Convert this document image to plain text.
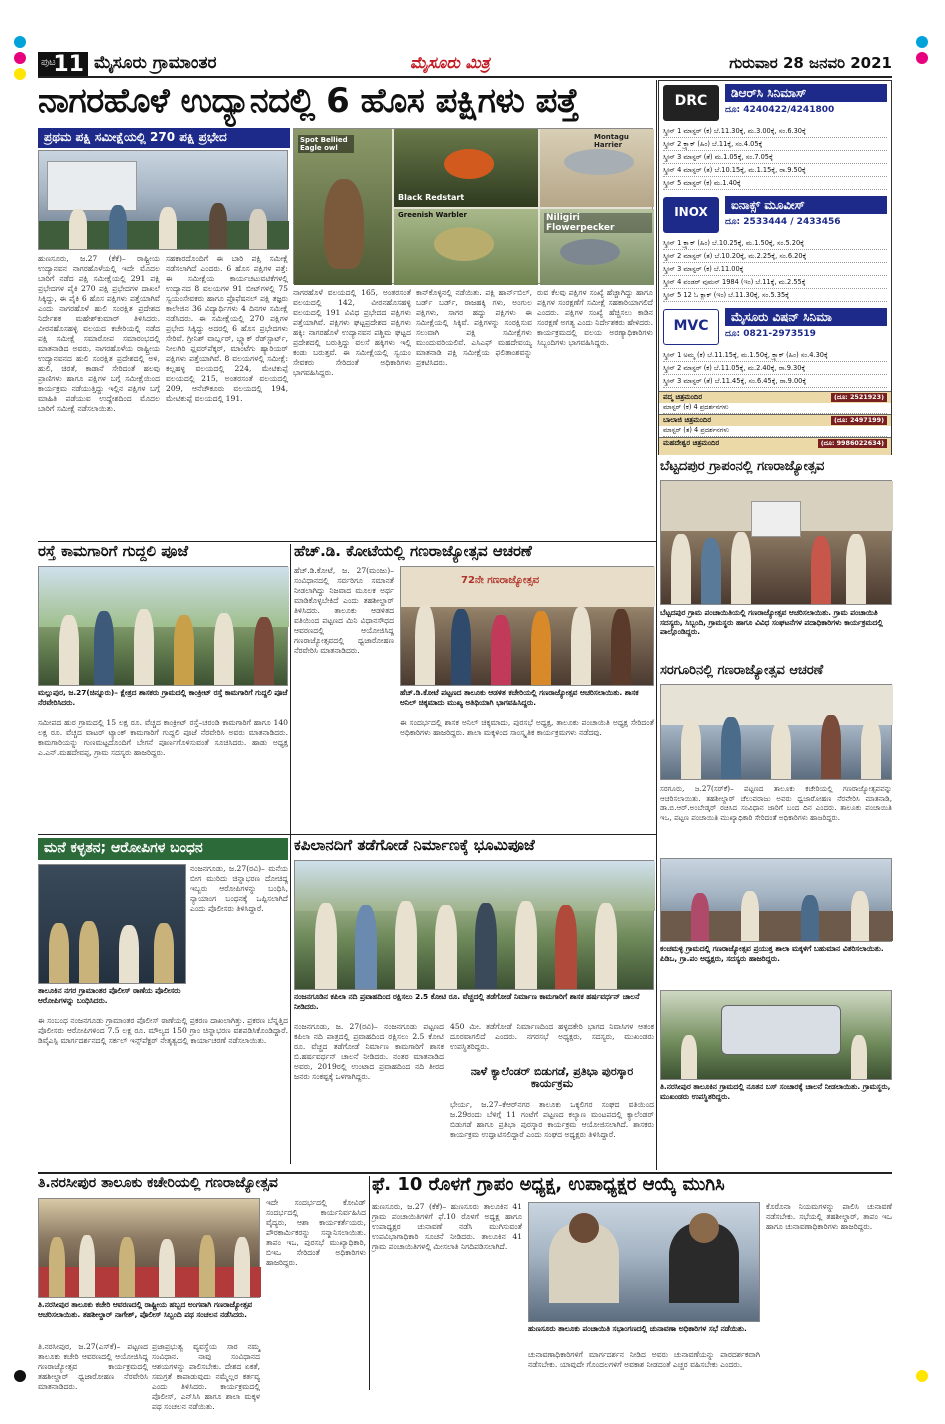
ಪುಟ
11 ಮೈಸೂರು ಗ್ರಾಮಾಂತರ	ಮೈಸೂರು ಮಿತ್ರ	ಗುರುವಾರ 28 ಜನವರಿ 2021
ನಾಗರಹೊಳೆ ಉದ್ಯಾನದಲ್ಲಿ 6 ಹೊಸ ಪಕ್ಷಿಗಳು ಪತ್ತೆ
ಪ್ರಥಮ ಪಕ್ಷಿ ಸಮೀಕ್ಷೆಯಲ್ಲಿ 270 ಪಕ್ಷಿ ಪ್ರಭೇದ	Spot Bellied Eagle owl
Black Redstart
Montagu Harrier
Greenish Warbler	Niligiri Flowerpecker
ಹುಣಸೂರು, ಜ.27 (ಕೆಕೆ)– ರಾಷ್ಟ್ರೀಯ ಉದ್ಯಾನವನ ನಾಗರಹೊಳೆಯಲ್ಲಿ ಇದೇ ಮೊದಲ ಬಾರಿಗೆ ನಡೆದ ಪಕ್ಷಿ ಸಮೀಕ್ಷೆಯಲ್ಲಿ 291 ಪಕ್ಷಿ ಪ್ರಭೇದಗಳ ಪೈಕಿ 270 ಪಕ್ಷಿ ಪ್ರಭೇದಗಳ ದಾಖಲೆ ಸಿಕ್ಕಿದ್ದು, ಈ ಪೈಕಿ 6 ಹೊಸ ಪಕ್ಷಿಗಳು ಪತ್ತೆಯಾಗಿವೆ ಎಂದು ನಾಗರಹೊಳೆ ಹುಲಿ ಸಂರಕ್ಷಿತ ಪ್ರದೇಶದ ನಿರ್ದೇಶಕ ಮಹೇಶ್‌ಕುಮಾರ್ ತಿಳಿಸಿದರು. ವೀರನಹೊಸಹಳ್ಳಿ ವಲಯದ ಕಚೇರಿಯಲ್ಲಿ ನಡೆದ ಪಕ್ಷಿ ಸಮೀಕ್ಷೆ ಸಮಾರೋಪ ಸಮಾರಂಭದಲ್ಲಿ ಮಾತನಾಡಿದ ಅವರು, ನಾಗರಹೊಳೆಯ ರಾಷ್ಟ್ರೀಯ ಉದ್ಯಾನವನದ ಹುಲಿ ಸಂರಕ್ಷಿತ ಪ್ರದೇಶದಲ್ಲಿ ಅಳಿ, ಹುಲಿ, ಚಿರತೆ, ಕಾಡಾನೆ ಸೇರಿದಂತೆ ಹಲವು ಪ್ರಾಣಿಗಳು ಹಾಗೂ ಪಕ್ಷಿಗಳ ಬಗ್ಗೆ ಸಮೀಕ್ಷೆಯಿಂದ ಕಾರ್ಯಕ್ರಮ ನಡೆಯುತ್ತಿದ್ದು ಇಲ್ಲಿನ ಪಕ್ಷಿಗಳ ಬಗ್ಗೆ ಮಾಹಿತಿ ಪಡೆಯುವ ಉದ್ದೇಶದಿಂದ ಮೊದಲ ಬಾರಿಗೆ ಸಮೀಕ್ಷೆ ನಡೆಸಲಾಯಿತು.
ಸಹಕಾರದೊಂದಿಗೆ ಈ ಬಾರಿ ಪಕ್ಷಿ ಸಮೀಕ್ಷೆ ನಡೆಸಲಾಗಿದೆ ಎಂದರು. 6 ಹೊಸ ಪಕ್ಷಿಗಳ ಪತ್ತೆ: ಈ ಸಮೀಕ್ಷೆಯ ಕಾರ್ಯಚಟುವಟಿಕೆಗಳಲ್ಲಿ ಉದ್ಯಾನದ 8 ವಲಯಗಳ 91 ಬೀಟ್‌ಗಳಲ್ಲಿ 75 ಸ್ವಯಂಸೇವಕರು ಹಾಗೂ ಪ್ರೊಫೆಷನಲ್ ಪಕ್ಷಿ ತಜ್ಞರು ಕಾಲೇಜಿನ 36 ವಿದ್ಯಾರ್ಥಿಗಳು 4 ದಿನಗಳ ಸಮೀಕ್ಷೆ ನಡೆಸಿದರು. ಈ ಸಮೀಕ್ಷೆಯಲ್ಲಿ 270 ಪಕ್ಷಿಗಳ ಪ್ರಭೇದ ಸಿಕ್ಕಿದ್ದು ಅದರಲ್ಲಿ 6 ಹೊಸ ಪ್ರಭೇದಗಳು ಸೇರಿವೆ. ಗ್ರೀನಿಶ್ ವಾರ್ಬ್ಲರ್, ಬ್ಲ್ಯಾಕ್ ರೆಡ್‌ಸ್ಟಾರ್ಟ್, ನೀಲಗಿರಿ ಫ್ಲವರ್‌ಪೆಕ್ಕರ್, ಮಾಂಟೆಗು ಹ್ಯಾರಿಯರ್ ಪಕ್ಷಿಗಳು ಪತ್ತೆಯಾಗಿವೆ. 8 ವಲಯಗಳಲ್ಲಿ ಸಮೀಕ್ಷೆ: ಕಲ್ಲಹಳ್ಳ ವಲಯದಲ್ಲಿ 224, ಮೇಟಿಕುಪ್ಪೆ ವಲಯದಲ್ಲಿ 215, ಅಂತರಸಂತೆ ವಲಯದಲ್ಲಿ 209, ಆನೆಚೌಕೂರು ವಲಯದಲ್ಲಿ 194, ಮೇಟಿಕುಪ್ಪೆ ವಲಯದಲ್ಲಿ 191.
ನಾಗರಹೊಳೆ ವಲಯದಲ್ಲಿ 165, ಅಂತರಸಂತೆ ವಲಯದಲ್ಲಿ 142, ವೀರನಹೊಸಹಳ್ಳಿ ವಲಯದಲ್ಲಿ 191 ವಿವಿಧ ಪ್ರಭೇದದ ಪಕ್ಷಿಗಳು ಪತ್ತೆಯಾಗಿವೆ. ಪಕ್ಷಿಗಳು ಘಟ್ಟಪ್ರದೇಶದ ಪಕ್ಷಿಗಳು ಹಕ್ಕಿ: ನಾಗರಹೊಳೆ ಉದ್ಯಾನವನ ಪಶ್ಚಿಮ ಘಟ್ಟದ ಪ್ರದೇಶದಲ್ಲಿ ಬರುತ್ತಿದ್ದು ವಲಸೆ ಹಕ್ಕಿಗಳು ಇಲ್ಲಿ ಕಂಡು ಬರುತ್ತವೆ. ಈ ಸಮೀಕ್ಷೆಯಲ್ಲಿ ಸ್ವಯಂ ಸೇವಕರು ಸೇರಿದಂತೆ ಅಧಿಕಾರಿಗಳು ಭಾಗವಹಿಸಿದ್ದರು.
ಕಾನ್‌ಕೊಳ್ಳಿನಲ್ಲಿ ನಡೆಯಿತು. ಪಕ್ಷಿ ಹಾರ್ನ್‌ಬಿಲ್, ಬರ್ಡ್ ಬರ್ಡ್, ರಾಜಹಕ್ಕಿ ಗಳು, ಅಂಗುಲ ಪಕ್ಷಿಗಳು, ಸಾಗರ ಹದ್ದು ಪಕ್ಷಿಗಳು ಈ ಸಮೀಕ್ಷೆಯಲ್ಲಿ ಸಿಕ್ಕಿವೆ. ಪಕ್ಷಿಗಳನ್ನು ಸಂರಕ್ಷಿಸುವ ಸಲುವಾಗಿ ಪಕ್ಷಿ ಸಮೀಕ್ಷೆಗಳು ಮುಂದುವರಿಯಲಿವೆ. ಎಸಿಎಫ್ ಮಹದೇವಯ್ಯ ಮಾತನಾಡಿ ಪಕ್ಷಿ ಸಮೀಕ್ಷೆಯ ಫಲಿತಾಂಶವನ್ನು ಪ್ರಕಟಿಸಿದರು.
ರುವ ಕೆಲವು ಪಕ್ಷಿಗಳ ಸಂಖ್ಯೆ ಹೆಚ್ಚಾಗಿದ್ದು ಹಾಗೂ ಪಕ್ಷಿಗಳ ಸಂರಕ್ಷಣೆಗೆ ಸಮೀಕ್ಷೆ ಸಹಕಾರಿಯಾಗಲಿದೆ ಎಂದರು. ಪಕ್ಷಿಗಳ ಸಂಖ್ಯೆ ಹೆಚ್ಚಿಸಲು ಕಾಡಿನ ಸಂರಕ್ಷಣೆ ಅಗತ್ಯ ಎಂದು ನಿರ್ದೇಶಕರು ಹೇಳಿದರು. ಕಾರ್ಯಕ್ರಮದಲ್ಲಿ ವಲಯ ಅರಣ್ಯಾಧಿಕಾರಿಗಳು ಸಿಬ್ಬಂದಿಗಳು ಭಾಗವಹಿಸಿದ್ದರು.
DRC	ಡಿಆರ್‌ಸಿ ಸಿನಿಮಾಸ್
ದೂ: 4240422/4241800
ಸ್ಕ್ರೀನ್ 1 ಮಾಸ್ಟರ್ (ಕ) ಬೆ.11.30ಕ್ಕೆ, ಮ.3.00ಕ್ಕೆ, ಸಂ.6.30ಕ್ಕೆ
ಸ್ಕ್ರೀನ್ 2 ಕ್ರ್ಯಾಕ್ (ಹಿಂ) ಬೆ.11ಕ್ಕೆ, ಸಂ.4.05ಕ್ಕೆ
ಸ್ಕ್ರೀನ್ 3 ಮಾಸ್ಟರ್ (ತೆ) ಮ.1.05ಕ್ಕೆ, ಸಂ.7.05ಕ್ಕೆ
ಸ್ಕ್ರೀನ್ 4 ಮಾಸ್ಟರ್ (ತ) ಬೆ.10.15ಕ್ಕೆ, ಮ.1.15ಕ್ಕೆ, ರಾ.9.50ಕ್ಕೆ
ಸ್ಕ್ರೀನ್ 5 ಮಾಸ್ಟರ್ (ಕ) ಮ.1.40ಕ್ಕೆ
INOX	ಐನಾಕ್ಸ್ ಮೂವೀಸ್
ದೂ: 2533444 / 2433456
ಸ್ಕ್ರೀನ್ 1 ಕ್ರ್ಯಾಕ್ (ಹಿಂ) ಬೆ.10.25ಕ್ಕೆ, ಮ.1.50ಕ್ಕೆ, ಸಂ.5.20ಕ್ಕೆ
ಸ್ಕ್ರೀನ್ 2 ಮಾಸ್ಟರ್ (ತ) ಬೆ.10.20ಕ್ಕೆ, ಮ.2.25ಕ್ಕೆ, ಸಂ.6.20ಕ್ಕೆ
ಸ್ಕ್ರೀನ್ 3 ಮಾಸ್ಟರ್ (ಕ) ಬೆ.11.00ಕ್ಕೆ
ಸ್ಕ್ರೀನ್ 4 ವಂಡರ್ ವುಮನ್ 1984 (ಇಂ) ಬೆ.11ಕ್ಕೆ, ಮ.2.55ಕ್ಕೆ
ಸ್ಕ್ರೀನ್ 5 12 ಓ ಕ್ಲಾಕ್ (ಇಂ) ಬೆ.11.30ಕ್ಕೆ, ಸಂ.5.35ಕ್ಕೆ
MVC
ಮೈಸೂರು ವಿಷನ್ ಸಿನಿಮಾ
ದೂ: 0821-2973519
ಸ್ಕ್ರೀನ್ 1 ಅಮ್ಮ (ಕ) ಬೆ.11.15ಕ್ಕೆ, ಮ.1.50ಕ್ಕೆ, ಕ್ರ್ಯಾಕ್ (ಹಿಂ) ಸಂ.4.30ಕ್ಕೆ
ಸ್ಕ್ರೀನ್ 2 ಮಾಸ್ಟರ್ (ಕ) ಬೆ.11.05ಕ್ಕೆ, ಮ.2.40ಕ್ಕೆ, ರಾ.9.30ಕ್ಕೆ
ಸ್ಕ್ರೀನ್ 3 ಮಾಸ್ಟರ್ (ತೆ) ಬೆ.11.45ಕ್ಕೆ, ಸಂ.6.45ಕ್ಕೆ, ರಾ.9.00ಕ್ಕೆ
ಪದ್ಮ ಚಿತ್ರಮಂದಿರ	(ದೂ: 2521923)
ಮಾಸ್ಟರ್ (ಕ) 4 ಪ್ರದರ್ಶನಗಳು
ಬಾಲಾಜಿ ಚಿತ್ರಮಂದಿರ	(ದೂ: 2497199)
ಮಾಸ್ಟರ್ (ತ) 4 ಪ್ರದರ್ಶನಗಳು
ಮಹದೇಶ್ವರ ಚಿತ್ರಮಂದಿರ	(ದೂ: 9986022634)
ಬೆಟ್ಟದಪುರ ಗ್ರಾಪಂನಲ್ಲಿ ಗಣರಾಜ್ಯೋತ್ಸವ
ಬೆಟ್ಟದಪುರ ಗ್ರಾಮ ಪಂಚಾಯಿತಿಯಲ್ಲಿ ಗಣರಾಜ್ಯೋತ್ಸವ ಆಚರಿಸಲಾಯಿತು. ಗ್ರಾಮ ಪಂಚಾಯಿತಿ ಸದಸ್ಯರು, ಸಿಬ್ಬಂದಿ, ಗ್ರಾಮಸ್ಥರು ಹಾಗೂ ವಿವಿಧ ಸಂಘಟನೆಗಳ ಪದಾಧಿಕಾರಿಗಳು ಕಾರ್ಯಕ್ರಮದಲ್ಲಿ ಪಾಲ್ಗೊಂಡಿದ್ದರು.
ಸರಗೂರಿನಲ್ಲಿ ಗಣರಾಜ್ಯೋತ್ಸವ ಆಚರಣೆ
ಸರಗೂರು, ಜ.27(ಸರ್‌ಕೆ)– ಪಟ್ಟಣದ ತಾಲೂಕು ಕಚೇರಿಯಲ್ಲಿ ಗಣರಾಜ್ಯೋತ್ಸವವನ್ನು ಆಚರಿಸಲಾಯಿತು. ತಹಶೀಲ್ದಾರ್ ಚೆಲುವರಾಜು ಅವರು ಧ್ವಜಾರೋಹಣ ನೆರವೇರಿಸಿ ಮಾತನಾಡಿ, ಡಾ.ಬಿ.ಆರ್.ಅಂಬೇಡ್ಕರ್ ರಚಿಸಿದ ಸಂವಿಧಾನ ಜಾರಿಗೆ ಬಂದ ದಿನ ಎಂದರು. ತಾಲೂಕು ಪಂಚಾಯಿತಿ ಇಒ, ಪಟ್ಟಣ ಪಂಚಾಯಿತಿ ಮುಖ್ಯಾಧಿಕಾರಿ ಸೇರಿದಂತೆ ಅಧಿಕಾರಿಗಳು ಹಾಜರಿದ್ದರು.
ಕಂಚಮಳ್ಳಿ ಗ್ರಾಮದಲ್ಲಿ ಗಣರಾಜ್ಯೋತ್ಸವ ಪ್ರಯುಕ್ತ ಶಾಲಾ ಮಕ್ಕಳಿಗೆ ಬಹುಮಾನ ವಿತರಿಸಲಾಯಿತು. ಪಿಡಿಒ, ಗ್ರಾ.ಪಂ ಅಧ್ಯಕ್ಷರು, ಸದಸ್ಯರು ಹಾಜರಿದ್ದರು.
ತಿ.ನರಸೀಪುರ ತಾಲೂಕಿನ ಗ್ರಾಮದಲ್ಲಿ ನೂತನ ಬಸ್ ಸಂಚಾರಕ್ಕೆ ಚಾಲನೆ ನೀಡಲಾಯಿತು. ಗ್ರಾಮಸ್ಥರು, ಮುಖಂಡರು ಉಪಸ್ಥಿತರಿದ್ದರು.
ರಸ್ತೆ ಕಾಮಗಾರಿಗೆ ಗುದ್ದಲಿ ಪೂಜೆ
ಮಲ್ಲುಪುರ, ಜ.27(ಚಿನ್ನೂರು)– ಕ್ಷೇತ್ರದ ಶಾಸಕರು ಗ್ರಾಮದಲ್ಲಿ ಕಾಂಕ್ರೀಟ್ ರಸ್ತೆ ಕಾಮಗಾರಿಗೆ ಗುದ್ದಲಿ ಪೂಜೆ ನೆರವೇರಿಸಿದರು.
ಸಮೀಪದ ಹುರ ಗ್ರಾಮದಲ್ಲಿ 15 ಲಕ್ಷ ರೂ. ವೆಚ್ಚದ ಕಾಂಕ್ರೀಟ್ ರಸ್ತೆ–ಚರಂಡಿ ಕಾಮಗಾರಿಗೆ ಹಾಗೂ 140 ಲಕ್ಷ ರೂ. ವೆಚ್ಚದ ವಾಟರ್ ಟ್ಯಾಂಕ್ ಕಾಮಗಾರಿಗೆ ಗುದ್ದಲಿ ಪೂಜೆ ನೆರವೇರಿಸಿ ಅವರು ಮಾತನಾಡಿದರು. ಕಾಮಗಾರಿಯನ್ನು ಗುಣಮಟ್ಟದೊಂದಿಗೆ ಬೇಗನೆ ಪೂರ್ಣಗೊಳಿಸುವಂತೆ ಸೂಚಿಸಿದರು. ಹಾಡು ಅಧ್ಯಕ್ಷ ಎ.ಎನ್.ಮಹದೇವಪ್ಪ, ಗ್ರಾಮ ಸದಸ್ಯರು ಹಾಜರಿದ್ದರು.
ಹೆಚ್.ಡಿ. ಕೋಟೆಯಲ್ಲಿ ಗಣರಾಜ್ಯೋತ್ಸವ ಆಚರಣೆ
ಹೆಚ್.ಡಿ.ಕೋಟೆ, ಜ. 27(ಮಂಜು)– ಸಂವಿಧಾನದಲ್ಲಿ ಸರ್ವರಿಗೂ ಸಮಾನತೆ ನೀಡಲಾಗಿದ್ದು ನಿಜವಾದ ಮೂಲಕ ಅರ್ಥ ಮಾಡಿಕೊಳ್ಳಬೇಕಿದೆ ಎಂದು ತಹಶೀಲ್ದಾರ್ ತಿಳಿಸಿದರು. ತಾಲೂಕು ಆಡಳಿತದ ವತಿಯಿಂದ ಪಟ್ಟಣದ ಮಿನಿ ವಿಧಾನಸೌಧದ ಆವರಣದಲ್ಲಿ ಆಯೋಜಿಸಿದ್ದ ಗಣರಾಜ್ಯೋತ್ಸವದಲ್ಲಿ ಧ್ವಜಾರೋಹಣ ನೆರವೇರಿಸಿ ಮಾತನಾಡಿದರು.
72ನೇ ಗಣರಾಜ್ಯೋತ್ಸವ
ಹೆಚ್.ಡಿ.ಕೋಟೆ ಪಟ್ಟಣದ ತಾಲೂಕು ಆಡಳಿತ ಕಚೇರಿಯಲ್ಲಿ ಗಣರಾಜ್ಯೋತ್ಸವ ಆಚರಿಸಲಾಯಿತು. ಶಾಸಕ ಅನಿಲ್ ಚಿಕ್ಕಮಾದು ಮುಖ್ಯ ಅತಿಥಿಯಾಗಿ ಭಾಗವಹಿಸಿದ್ದರು.
ಈ ಸಂದರ್ಭದಲ್ಲಿ ಶಾಸಕ ಅನಿಲ್ ಚಿಕ್ಕಮಾದು, ಪುರಸಭೆ ಅಧ್ಯಕ್ಷ, ತಾಲೂಕು ಪಂಚಾಯಿತಿ ಅಧ್ಯಕ್ಷ ಸೇರಿದಂತೆ ಅಧಿಕಾರಿಗಳು ಹಾಜರಿದ್ದರು. ಶಾಲಾ ಮಕ್ಕಳಿಂದ ಸಾಂಸ್ಕೃತಿಕ ಕಾರ್ಯಕ್ರಮಗಳು ನಡೆದವು.
ಮನೆ ಕಳ್ಳತನ; ಆರೋಪಿಗಳ ಬಂಧನ
ನಂಜನಗೂಡು, ಜ.27(ರವಿ)– ಮನೆಯ ಬೀಗ ಮುರಿದು ಚಿನ್ನಾಭರಣ ದೋಚಿದ್ದ ಇಬ್ಬರು ಆರೋಪಿಗಳನ್ನು ಬಂಧಿಸಿ, ನ್ಯಾಯಾಂಗ ಬಂಧನಕ್ಕೆ ಒಪ್ಪಿಸಲಾಗಿದೆ ಎಂದು ಪೊಲೀಸರು ತಿಳಿಸಿದ್ದಾರೆ.
ತಾಲೂಕಿನ ನಗರ ಗ್ರಾಮಾಂತರ ಪೊಲೀಸ್ ಠಾಣೆಯ ಪೊಲೀಸರು ಆರೋಪಿಗಳನ್ನು ಬಂಧಿಸಿದರು.
ಈ ಸಂಬಂಧ ನಂಜನಗೂಡು ಗ್ರಾಮಾಂತರ ಪೊಲೀಸ್ ಠಾಣೆಯಲ್ಲಿ ಪ್ರಕರಣ ದಾಖಲಾಗಿತ್ತು. ಪ್ರಕರಣ ಬೆನ್ನತ್ತಿದ ಪೊಲೀಸರು ಆರೋಪಿಗಳಿಂದ 7.5 ಲಕ್ಷ ರೂ. ಮೌಲ್ಯದ 150 ಗ್ರಾಂ ಚಿನ್ನಾಭರಣ ವಶಪಡಿಸಿಕೊಂಡಿದ್ದಾರೆ. ಡಿವೈಎಸ್ಪಿ ಮಾರ್ಗದರ್ಶನದಲ್ಲಿ ಸರ್ಕಲ್ ಇನ್ಸ್‌ಪೆಕ್ಟರ್ ನೇತೃತ್ವದಲ್ಲಿ ಕಾರ್ಯಾಚರಣೆ ನಡೆಸಲಾಯಿತು.
ಕಪಿಲಾನದಿಗೆ ತಡೆಗೋಡೆ ನಿರ್ಮಾಣಕ್ಕೆ ಭೂಮಿಪೂಜೆ
ನಂಜನಗೂಡಿನ ಕಪಿಲಾ ನದಿ ಪ್ರವಾಹದಿಂದ ರಕ್ಷಿಸಲು 2.5 ಕೋಟಿ ರೂ. ವೆಚ್ಚದಲ್ಲಿ ತಡೆಗೋಡೆ ನಿರ್ಮಾಣ ಕಾಮಗಾರಿಗೆ ಶಾಸಕ ಹರ್ಷವರ್ಧನ್ ಚಾಲನೆ ನೀಡಿದರು.
ನಂಜನಗೂಡು, ಜ. 27(ರವಿ)– ನಂಜನಗೂಡು ಪಟ್ಟಣದ ಕಪಿಲಾ ನದಿ ಪಾತ್ರದಲ್ಲಿ ಪ್ರವಾಹದಿಂದ ರಕ್ಷಿಸಲು 2.5 ಕೋಟಿ ರೂ. ವೆಚ್ಚದ ತಡೆಗೋಡೆ ನಿರ್ಮಾಣ ಕಾಮಗಾರಿಗೆ ಶಾಸಕ ಬಿ.ಹರ್ಷವರ್ಧನ್ ಚಾಲನೆ ನೀಡಿದರು. ನಂತರ ಮಾತನಾಡಿದ ಅವರು, 2019ರಲ್ಲಿ ಉಂಟಾದ ಪ್ರವಾಹದಿಂದ ನದಿ ತೀರದ ಜನರು ಸಂಕಷ್ಟಕ್ಕೆ ಒಳಗಾಗಿದ್ದರು.
450 ಮೀ. ತಡೆಗೋಡೆ ನಿರ್ಮಾಣದಿಂದ ಹಳ್ಳದಕೇರಿ ಭಾಗದ ನಿವಾಸಿಗಳ ಆತಂಕ ದೂರವಾಗಲಿದೆ ಎಂದರು. ನಗರಸಭೆ ಅಧ್ಯಕ್ಷರು, ಸದಸ್ಯರು, ಮುಖಂಡರು ಉಪಸ್ಥಿತರಿದ್ದರು.
ನಾಳೆ ಕ್ಯಾಲೆಂಡರ್ ಬಿಡುಗಡೆ, ಪ್ರತಿಭಾ ಪುರಸ್ಕಾರ ಕಾರ್ಯಕ್ರಮ
ಭೇರ್ಯ, ಜ.27–ಕೆಆರ್‌ನಗರ ತಾಲೂಕು ಒಕ್ಕಲಿಗರ ಸಂಘದ ವತಿಯಿಂದ ಜ.29ರಂದು ಬೆಳಿಗ್ಗೆ 11 ಗಂಟೆಗೆ ಪಟ್ಟಣದ ಕಲ್ಯಾಣ ಮಂಟಪದಲ್ಲಿ ಕ್ಯಾಲೆಂಡರ್ ಬಿಡುಗಡೆ ಹಾಗೂ ಪ್ರತಿಭಾ ಪುರಸ್ಕಾರ ಕಾರ್ಯಕ್ರಮ ಆಯೋಜಿಸಲಾಗಿದೆ. ಶಾಸಕರು ಕಾರ್ಯಕ್ರಮ ಉದ್ಘಾಟಿಸಲಿದ್ದಾರೆ ಎಂದು ಸಂಘದ ಅಧ್ಯಕ್ಷರು ತಿಳಿಸಿದ್ದಾರೆ.
ತಿ.ನರಸೀಪುರ ತಾಲೂಕು ಕಚೇರಿಯಲ್ಲಿ ಗಣರಾಜ್ಯೋತ್ಸವ
ತಿ.ನರಸೀಪುರ ತಾಲೂಕು ಕಚೇರಿ ಆವರಣದಲ್ಲಿ ರಾಷ್ಟ್ರೀಯ ಹಬ್ಬದ ಅಂಗವಾಗಿ ಗಣರಾಜ್ಯೋತ್ಸವ ಆಚರಿಸಲಾಯಿತು. ತಹಶೀಲ್ದಾರ್ ನಾಗೇಶ್, ಪೊಲೀಸ್ ಸಿಬ್ಬಂದಿ ಪಥ ಸಂಚಲನ ನಡೆಸಿದರು.
ತಿ.ನರಸೀಪುರ, ಜ.27(ಎಸ್‌ಕೆ)– ಪಟ್ಟಣದ ತಾಲೂಕು ಕಚೇರಿ ಆವರಣದಲ್ಲಿ ಆಯೋಜಿಸಿದ್ದ ಗಣರಾಜ್ಯೋತ್ಸವ ಕಾರ್ಯಕ್ರಮದಲ್ಲಿ ತಹಶೀಲ್ದಾರ್ ಧ್ವಜಾರೋಹಣ ನೆರವೇರಿಸಿ ಮಾತನಾಡಿದರು.
ಪ್ರಜಾಪ್ರಭುತ್ವ ವ್ಯವಸ್ಥೆಯ ಸಾರ ನಮ್ಮ ಸಂವಿಧಾನ. ನಾವು ಸಂವಿಧಾನದ ಆಶಯಗಳನ್ನು ಪಾಲಿಸಬೇಕು. ದೇಶದ ಏಕತೆ, ಸಮಗ್ರತೆ ಕಾಪಾಡುವುದು ನಮ್ಮೆಲ್ಲರ ಕರ್ತವ್ಯ ಎಂದು ತಿಳಿಸಿದರು. ಕಾರ್ಯಕ್ರಮದಲ್ಲಿ ಪೊಲೀಸ್, ಎನ್‌ಸಿಸಿ ಹಾಗೂ ಶಾಲಾ ಮಕ್ಕಳ ಪಥ ಸಂಚಲನ ನಡೆಯಿತು.
ಇದೇ ಸಂದರ್ಭದಲ್ಲಿ ಕೋವಿಡ್ ಸಂದರ್ಭದಲ್ಲಿ ಕಾರ್ಯನಿರ್ವಹಿಸಿದ ವೈದ್ಯರು, ಆಶಾ ಕಾರ್ಯಕರ್ತೆಯರು, ಪೌರಕಾರ್ಮಿಕರನ್ನು ಸನ್ಮಾನಿಸಲಾಯಿತು. ತಾಪಂ ಇಒ, ಪುರಸಭೆ ಮುಖ್ಯಾಧಿಕಾರಿ, ಬಿಇಒ ಸೇರಿದಂತೆ ಅಧಿಕಾರಿಗಳು ಹಾಜರಿದ್ದರು.
ಫೆ. 10 ರೊಳಗೆ ಗ್ರಾಪಂ ಅಧ್ಯಕ್ಷ, ಉಪಾಧ್ಯಕ್ಷರ ಆಯ್ಕೆ ಮುಗಿಸಿ
ಹುಣಸೂರು, ಜ.27 (ಕೆಕೆ)– ಹುಣಸೂರು ತಾಲೂಕಿನ 41 ಗ್ರಾಮ ಪಂಚಾಯಿತಿಗಳಿಗೆ ಫೆ.10 ರೊಳಗೆ ಅಧ್ಯಕ್ಷ ಹಾಗೂ ಉಪಾಧ್ಯಕ್ಷರ ಚುನಾವಣೆ ನಡೆಸಿ ಮುಗಿಸುವಂತೆ ಉಪವಿಭಾಗಾಧಿಕಾರಿ ಸೂಚನೆ ನೀಡಿದರು. ತಾಲೂಕಿನ 41 ಗ್ರಾಮ ಪಂಚಾಯಿತಿಗಳಲ್ಲಿ ಮೀಸಲಾತಿ ನಿಗದಿಪಡಿಸಲಾಗಿದೆ.
ಹುಣಸೂರು ತಾಲೂಕು ಪಂಚಾಯಿತಿ ಸಭಾಂಗಣದಲ್ಲಿ ಚುನಾವಣಾ ಅಧಿಕಾರಿಗಳ ಸಭೆ ನಡೆಯಿತು.
ಚುನಾವಣಾಧಿಕಾರಿಗಳಿಗೆ ಮಾರ್ಗದರ್ಶನ ನೀಡಿದ ಅವರು ಚುನಾವಣೆಯನ್ನು ಪಾರದರ್ಶಕವಾಗಿ ನಡೆಸಬೇಕು. ಯಾವುದೇ ಗೊಂದಲಗಳಿಗೆ ಅವಕಾಶ ನೀಡದಂತೆ ಎಚ್ಚರ ವಹಿಸಬೇಕು ಎಂದರು.
ಕೊರೊನಾ ನಿಯಮಗಳನ್ನು ಪಾಲಿಸಿ ಚುನಾವಣೆ ನಡೆಸಬೇಕು. ಸಭೆಯಲ್ಲಿ ತಹಶೀಲ್ದಾರ್, ತಾಪಂ ಇಒ ಹಾಗೂ ಚುನಾವಣಾಧಿಕಾರಿಗಳು ಹಾಜರಿದ್ದರು.
